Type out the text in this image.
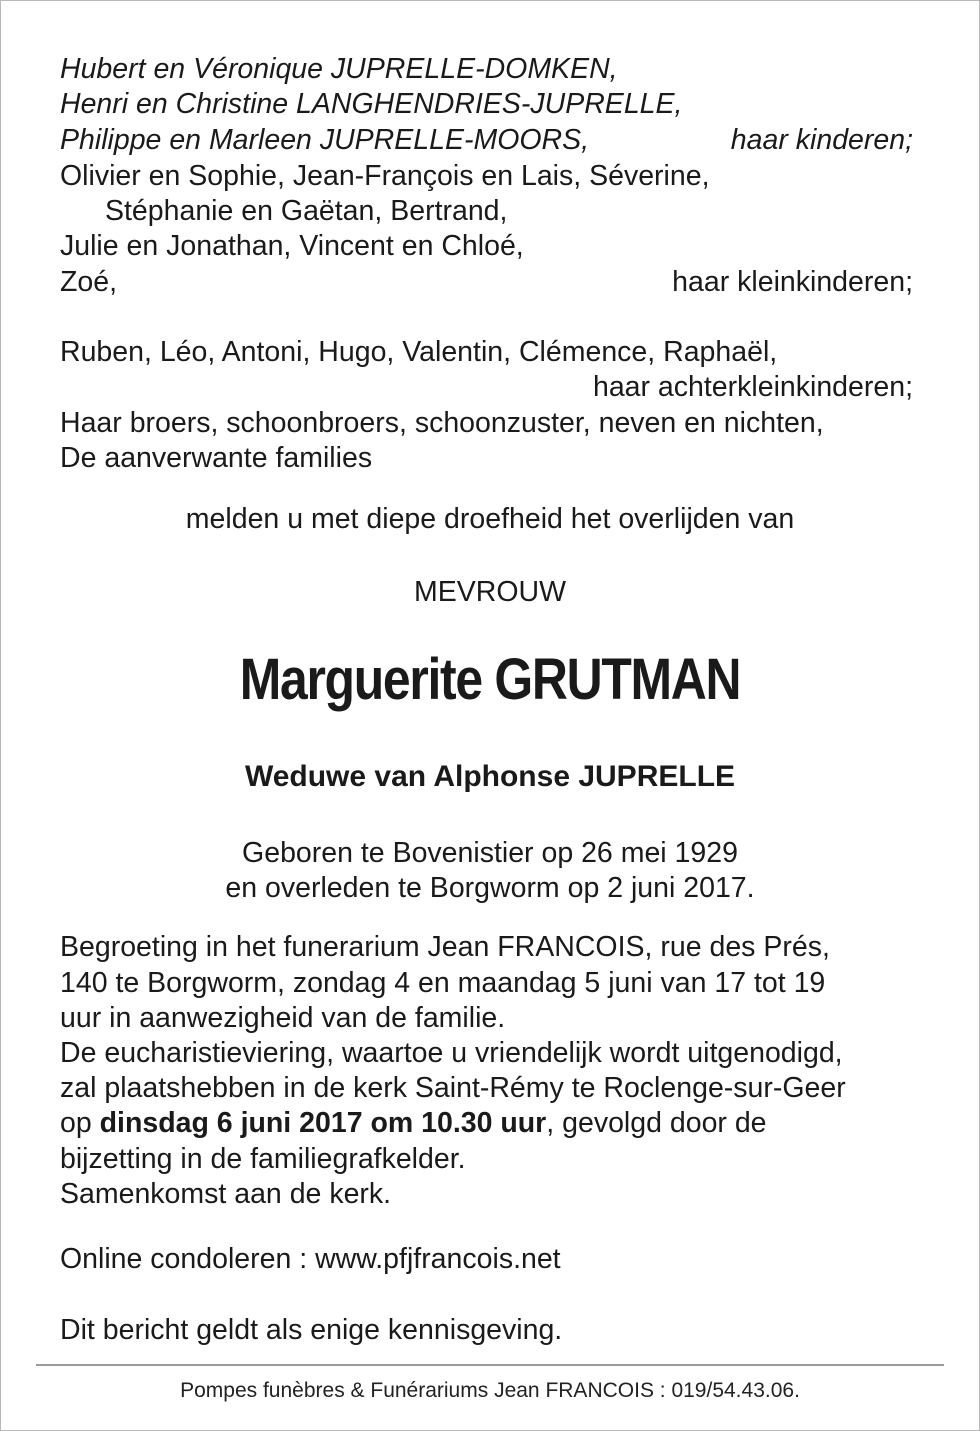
Hubert en Véronique JUPRELLE-DOMKEN,
Henri en Christine LANGHENDRIES-JUPRELLE,
Philippe en Marleen JUPRELLE-MOORS,	haar kinderen;
Olivier en Sophie, Jean-François en Lais, Séverine,
Stéphanie en Gaëtan, Bertrand,
Julie en Jonathan, Vincent en Chloé,
Zoé,	haar kleinkinderen;
Ruben, Léo, Antoni, Hugo, Valentin, Clémence, Raphaël,
haar achterkleinkinderen;
Haar broers, schoonbroers, schoonzuster, neven en nichten,
De aanverwante families
melden u met diepe droefheid het overlijden van
MEVROUW
Marguerite GRUTMAN
Weduwe van Alphonse JUPRELLE
Geboren te Bovenistier op 26 mei 1929
en overleden te Borgworm op 2 juni 2017.
Begroeting in het funerarium Jean FRANCOIS, rue des Prés,
140 te Borgworm, zondag 4 en maandag 5 juni van 17 tot 19
uur in aanwezigheid van de familie.
De eucharistieviering, waartoe u vriendelijk wordt uitgenodigd,
zal plaatshebben in de kerk Saint-Rémy te Roclenge-sur-Geer
op dinsdag 6 juni 2017 om 10.30 uur, gevolgd door de
bijzetting in de familiegrafkelder.
Samenkomst aan de kerk.
Online condoleren : www.pfjfrancois.net
Dit bericht geldt als enige kennisgeving.
Pompes funèbres & Funérariums Jean FRANCOIS : 019/54.43.06.
